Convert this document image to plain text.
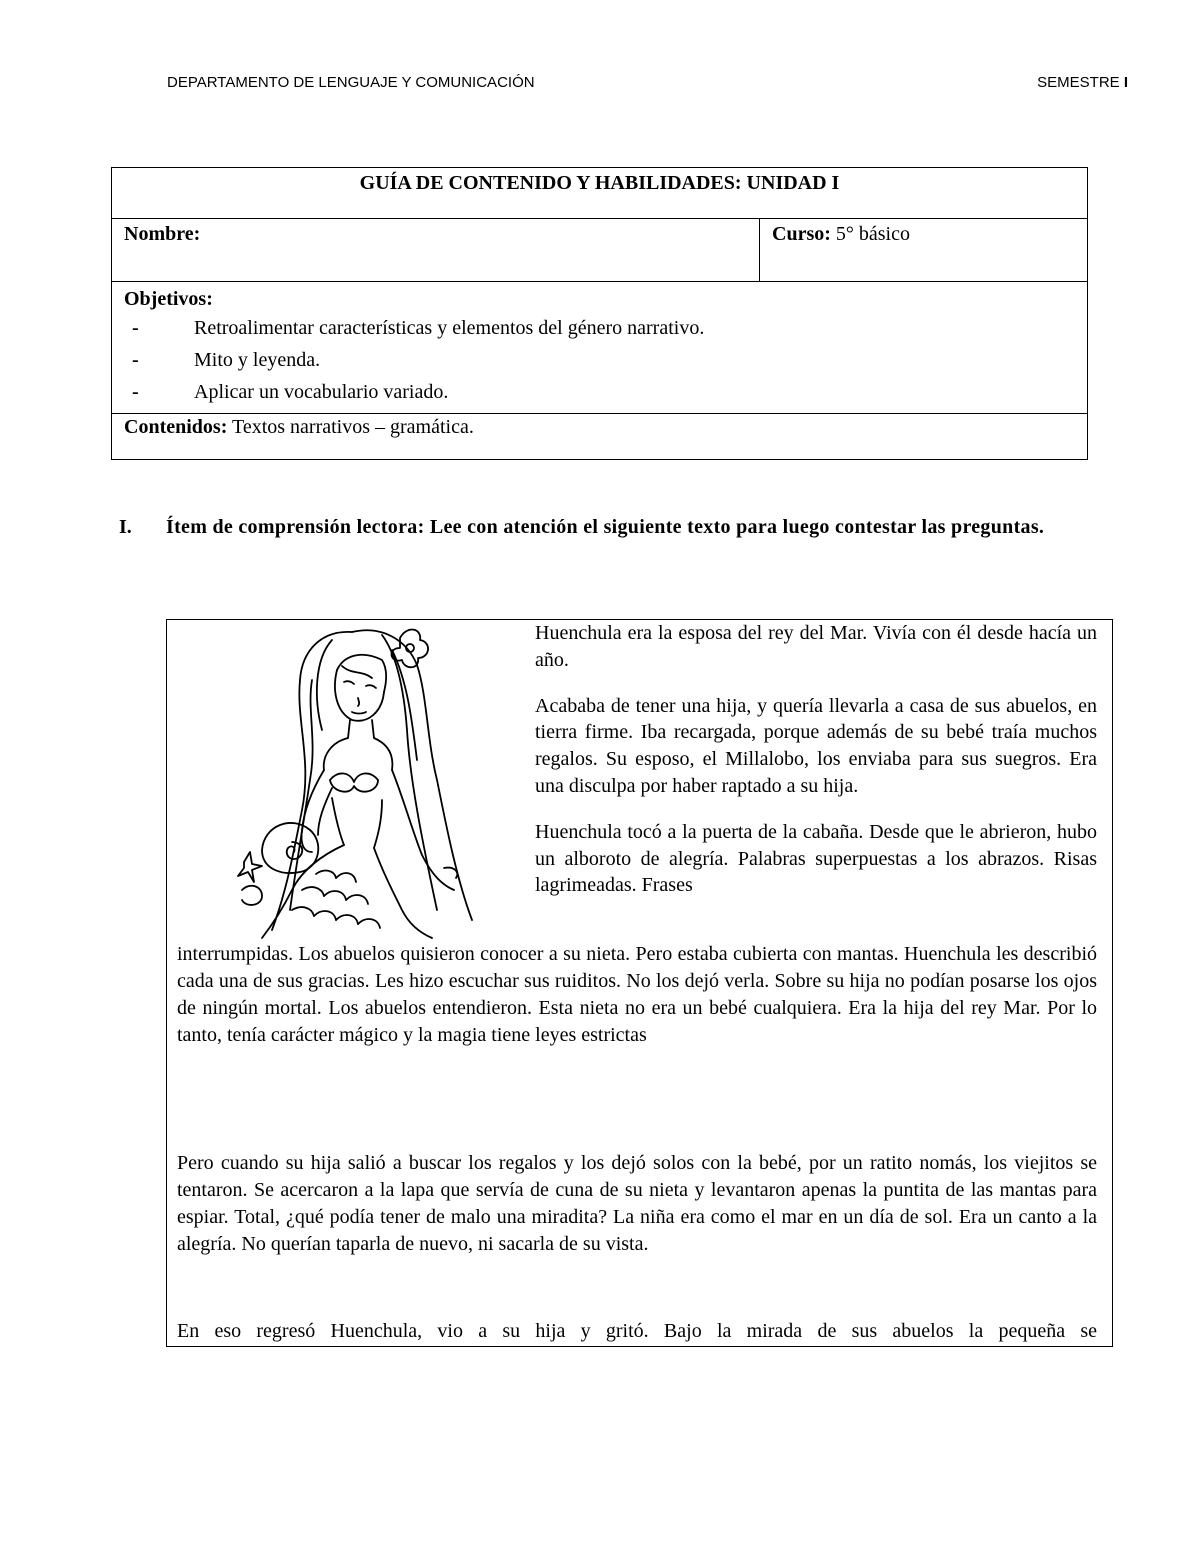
DEPARTAMENTO DE LENGUAJE Y COMUNICACIÓN	SEMESTRE I
GUÍA DE CONTENIDO Y HABILIDADES: UNIDAD I
Nombre:	Curso: 5° básico

Objetivos:
-	Retroalimentar características y elementos del género narrativo.
-	Mito y leyenda.
-	Aplicar un vocabulario variado.

Contenidos: Textos narrativos – gramática.
I. Ítem de comprensión lectora: Lee con atención el siguiente texto para luego contestar las preguntas.

Huenchula era la esposa del rey del Mar. Vivía con él desde hacía un año.

Acababa de tener una hija, y quería llevarla a casa de sus abuelos, en tierra firme. Iba recargada, porque además de su bebé traía muchos regalos. Su esposo, el Millalobo, los enviaba para sus suegros. Era una disculpa por haber raptado a su hija.

Huenchula tocó a la puerta de la cabaña. Desde que le abrieron, hubo un alboroto de alegría. Palabras superpuestas a los abrazos. Risas lagrimeadas. Frases

interrumpidas. Los abuelos quisieron conocer a su nieta. Pero estaba cubierta con mantas. Huenchula les describió cada una de sus gracias. Les hizo escuchar sus ruiditos. No los dejó verla. Sobre su hija no podían posarse los ojos de ningún mortal. Los abuelos entendieron. Esta nieta no era un bebé cualquiera. Era la hija del rey Mar. Por lo tanto, tenía carácter mágico y la magia tiene leyes estrictas
Pero cuando su hija salió a buscar los regalos y los dejó solos con la bebé, por un ratito nomás, los viejitos se tentaron. Se acercaron a la lapa que servía de cuna de su nieta y levantaron apenas la puntita de las mantas para espiar. Total, ¿qué podía tener de malo una miradita? La niña era como el mar en un día de sol. Era un canto a la alegría. No querían taparla de nuevo, ni sacarla de su vista.
En eso regresó Huenchula, vio a su hija y gritó. Bajo la mirada de sus abuelos la pequeña se
